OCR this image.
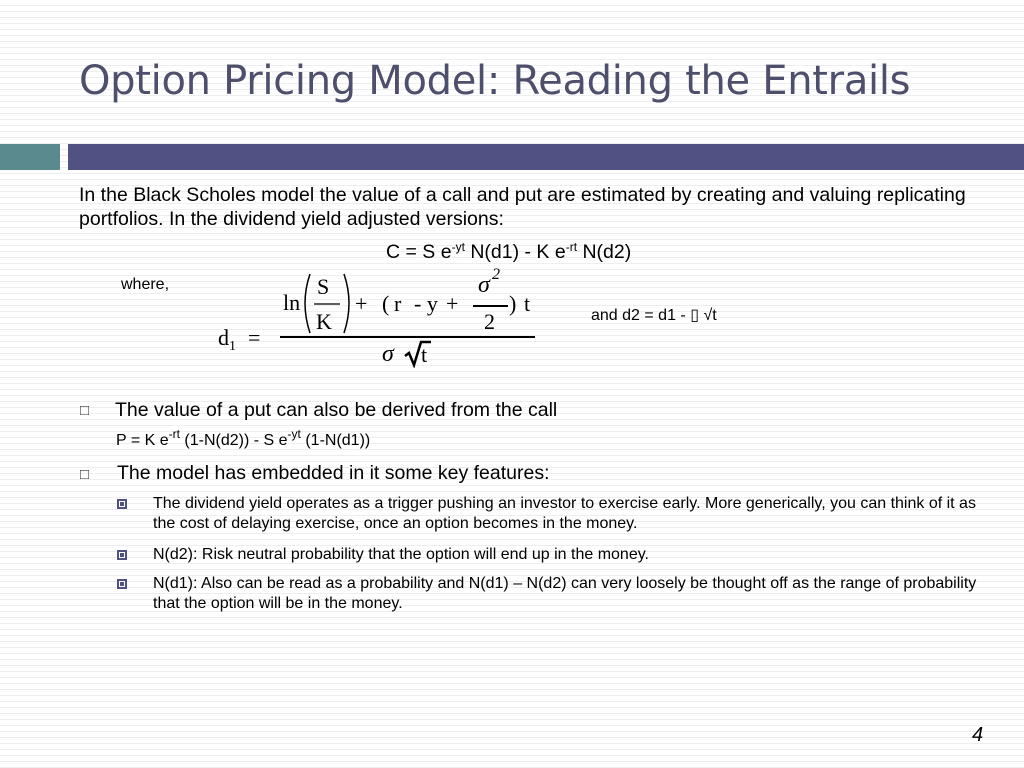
Option Pricing Model: Reading the Entrails
In the Black Scholes model the value of a call and put are estimated by creating and valuing replicating portfolios. In the dividend yield adjusted versions:
C = S $e^{-yt}$ N(d1) - K $e^{-rt}$ N(d2)
where,
$d_1$ =
ln
S
K
+ ( r - y +
σ 2
2
) t
σ t
and d2 = d1 - ▯ √t
□ The value of a put can also be derived from the call
P = K $e^{-rt}$ (1-N(d2)) - S $e^{-yt}$ (1-N(d1))
□ The model has embedded in it some key features:
The dividend yield operates as a trigger pushing an investor to exercise early. More generically, you can think of it as the cost of delaying exercise, once an option becomes in the money.
N(d2): Risk neutral probability that the option will end up in the money.
N(d1): Also can be read as a probability and N(d1) – N(d2) can very loosely be thought off as the range of probability that the option will be in the money.
4
